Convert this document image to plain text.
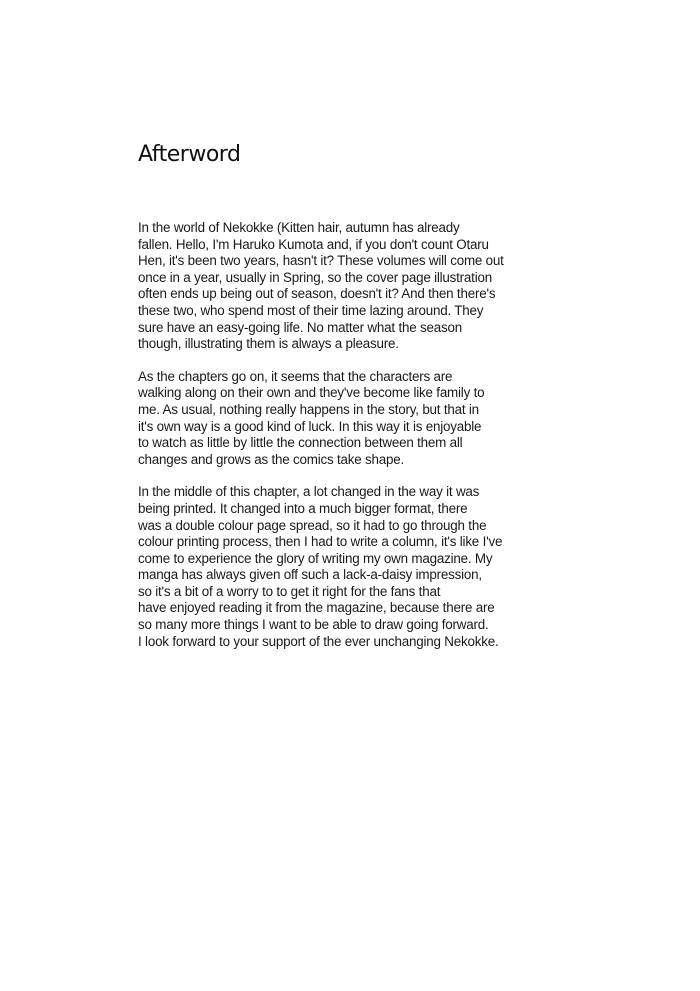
Afterword

In the world of Nekokke (Kitten hair, autumn has already
fallen. Hello, I'm Haruko Kumota and, if you don't count Otaru
Hen, it's been two years, hasn't it? These volumes will come out
once in a year, usually in Spring, so the cover page illustration
often ends up being out of season, doesn't it? And then there's
these two, who spend most of their time lazing around. They
sure have an easy-going life. No matter what the season
though, illustrating them is always a pleasure.

As the chapters go on, it seems that the characters are
walking along on their own and they've become like family to
me. As usual, nothing really happens in the story, but that in
it's own way is a good kind of luck. In this way it is enjoyable
to watch as little by little the connection between them all
changes and grows as the comics take shape.

In the middle of this chapter, a lot changed in the way it was
being printed. It changed into a much bigger format, there
was a double colour page spread, so it had to go through the
colour printing process, then I had to write a column, it's like I've
come to experience the glory of writing my own magazine. My
manga has always given off such a lack-a-daisy impression,
so it's a bit of a worry to to get it right for the fans that
have enjoyed reading it from the magazine, because there are
so many more things I want to be able to draw going forward.
I look forward to your support of the ever unchanging Nekokke.
